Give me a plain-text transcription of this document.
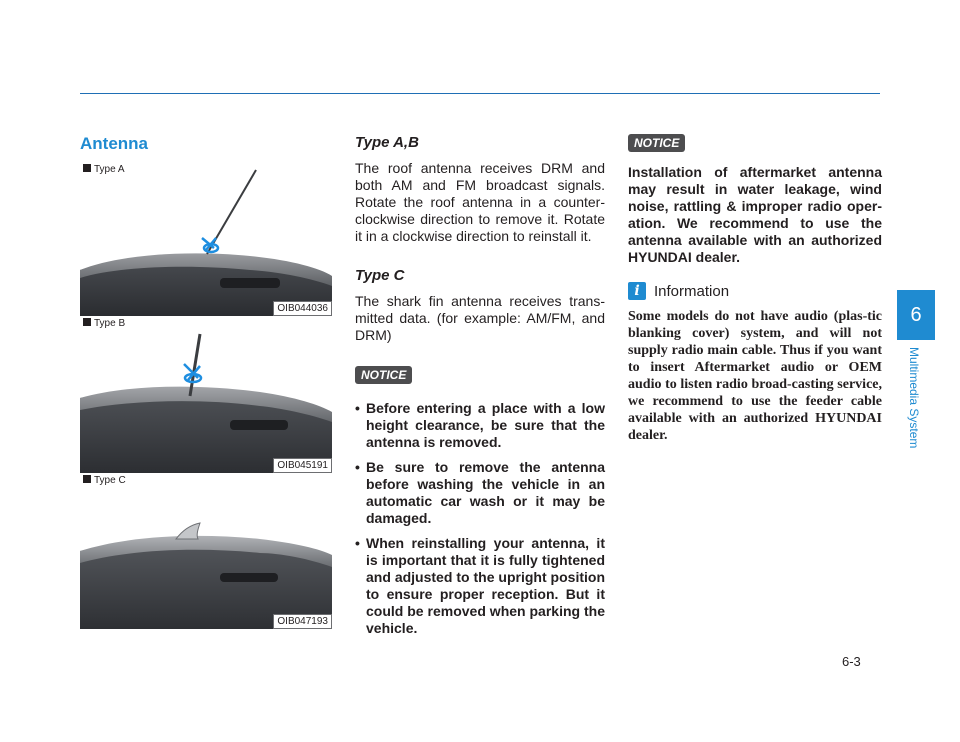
Antenna
Type A
OIB044036
Type B
OIB045191
Type C
OIB047193
Type A,B

The roof antenna receives DRM and both AM and FM broadcast signals. Rotate the roof antenna in a counter-clockwise direction to remove it. Rotate it in a clockwise direction to reinstall it.

Type C

The shark fin antenna receives trans-mitted data. (for example: AM/FM, and DRM)

NOTICE
• Before entering a place with a low height clearance, be sure that the antenna is removed.
• Be sure to remove the antenna before washing the vehicle in an automatic car wash or it may be damaged.
• When reinstalling your antenna, it is important that it is fully tightened and adjusted to the upright position to ensure proper reception. But it could be removed when parking the vehicle.
NOTICE

Installation of aftermarket antenna may result in water leakage, wind noise, rattling & improper radio oper-ation. We recommend to use the antenna available with an authorized HYUNDAI dealer.

i Information

Some models do not have audio (plas-tic blanking cover) system, and will not supply radio main cable. Thus if you want to insert Aftermarket audio or OEM audio to listen radio broad-casting service, we recommend to use the feeder cable available with an authorized HYUNDAI dealer.

6
Multimedia System
6-3
